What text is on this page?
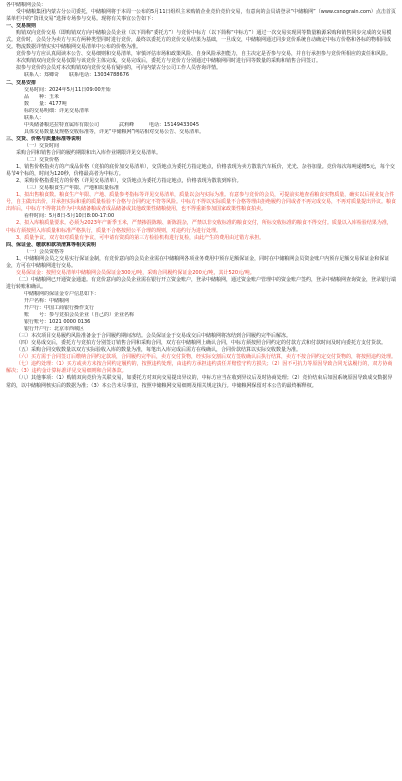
各中储粮网会员：
受中储粮集团内蒙古分公司委托，中储粮网将于本周一公布的5月11日组织主米购销企业竞价竞价交易，有意向的会员请登录“中储粮网”（www.csnograin.com）点击首页菜单栏中的“资讯交易”选择专场参与交易。现将有关事宜公告如下：
一、交易规则
购销双向竞价交易（即购销双方向中储粮会员企业（以下简称“委托方”）与竞价中标方（以下简称“中标方”）通过一次交易实现同等数量粮源采购和销售同步完成的交易模式。竞价时，会员分为卖方与买方两种类型同时进行竞价，最终以委托方的竞价交易结果为基础，一旦成交，中储粮网通过同步竞价系统自动确定中标方价格和各标的物相同成交。物流数据详情实实中储粮网交易清单中公布的价格为准。
竞价参与方应认真阅读本公告、交易细则和交易清单，审慎评估市场和政策风险、自身风险承担能力，自主决定是否参与交易，并自行承担参与竞价所相应的责任和风险。
本次购销双向竞价交易仅限与该竞价主体完成，交易完成后，委托方与竞价方分别通过中储粮网同时进行同等数量的采购和销售合同签订。
拟参与竞价的会员对本次购销双向竞价交易有疑问的，可向内蒙古分公司工作人员咨询详情。
联系人：郑卿奇　　联系电话：13034788676
二、交易安排
交易时间：2024年5月11日09:00开始
品　　种：玉米
数　　量：4177吨
标的交易明细：详见交易清单
联系人：
中央储备粮达拉特直属库有限公司　　　　武莉峰　　　电话：15149433045
具体交易数量及规格交收标准等，详见“中储粮网”网站相对交易公告、交易清单。
三、交货、价格与质量标准等说明
（一）交货时间
采购合同和销售合同的履约期限和出入库作业期限详见交易清单。
（二）交货价格
1、销售价格指卖方的产成品价格（竞拍的底价加交易清单），交货地点为委托方指定地点，价格表现为卖方散装汽车板价，光光、杂谷加量。竞价每次每吨递增5元，每个交易节4个标的，时间为120秒，价格最高者为中标方。
2、采购价格指委托方的价格（详见交易清单），交货地点为委托方指定地点，价格表现为散装到库价。
（三）交易粮食生产年限、产地和质量标准
1、拟出售粮食数。粮食生产年限、产地、质量参考指标等详见交易清单，质量以会内实际为准。有意参与竞价的会员，可提前实地查看粮食实物质量，确实以后视业复合件号，自主做出出价，并承担实际和重的质量检验不合格与合同约定不符等风险。中标方不得以实际质量不合格等理由拒绝履约合同或者不再完成交易，不再对质量提出异议。粮食出库后，中标方不得将其作为中央储备粮或者成品储备或其他政策性储粮使用，也不得重新参加国家政策性粮食拍卖。
看样时间：5月8日-5月10日8:00-17:00
2、拟入库粮质量要求。必须为2023年产新季玉米，严禁掺混陈粮、新陈混杂，严禁以非交收标准的粮食交付，所标交收标准的粮食不得交付。质量以入库检验结果为准，中标方须按照入库质量和标准严格执行，质量不合格按照公平合理的规则，对违约行为进行处理。
3、质量争议。双方如对质量有争议，可申请有资质的第三方检验机构进行复检，由此产生的费用由过错方承担。
四、保证金、缴款和款项清算等相关说明
（一）会员资格等
1、中储粮网会员之交易实行保证金制，有竞价意向的会员企业需在中储粮网各项业务费用中预存足额保证金，同时在中储粮网会员资金账户内预存足额交易保证金和保证金，方可在中储粮网进行交易。
交易保证金：按照交易清单中储粮网会员保证金300元/吨，采购合同履约保证金200元/吨，其计520元/吨。
（二）中储粮网已开通资金通道。有竞价意向的会员企业需在银行开立资金账户，登录中储粮网，通过资金账户管理中的资金账户签约，登录中储粮网查询资金，登录银行端进行转账和确认。
中储粮网的保证金专户信息如下：
开户名称：中储粮网
开户行：中国工商银行操作支行
账　　号：参与竞拍会员企业（自己的）企业名称
银行账号：1021 0000 0136
银行开户行：北京市西城区
（三）本次项目交易履约风险准备金于合同履约期间冻结。会员保证金于交易成交后中储粮网将冻结到合同履约完毕后解冻。
（四）交易成交后，委托方与竞拍方分别签订销售合同和采购合同，双方在中储粮网上确认合同，中标方须按照合同约定的付款方式和付款时间及时向委托方支付货款。
（五）采购合同交收数量以双方实际验收入库的数量为准，每笔出入库完成后需方在线确认，合同价款结算以实际交收数量为准。
（六）买方需于合同签订后缴纳合同约定款项，合同履约完毕后，卖方交付货物，经实际交割后双方签收确认后执行结算，卖方不按合同约定交付货物的，将按照违约处理。
（七）违约处理：（1）买方或卖方未按合同约定履约的，按照违约处理，由违约方承担违约责任并赔偿守约方损失；（2）因不可抗力等原因导致合同无法履行的，双方协商解决；（3）违约金计算标准详见交易细则和合同条款。
（八）其他事项：（1）购销双向竞价为关联交易，如委托方对双向交易提出异议的，中标方应当在收到异议后及时协商处理；（2）竞价结束后如因系统原因导致成交数据异常的，以中储粮网核实后的数据为准；（3）本公告未尽事宜，按照中储粮网交易细则及相关规定执行。中储粮网保留对本公告的最终解释权。
